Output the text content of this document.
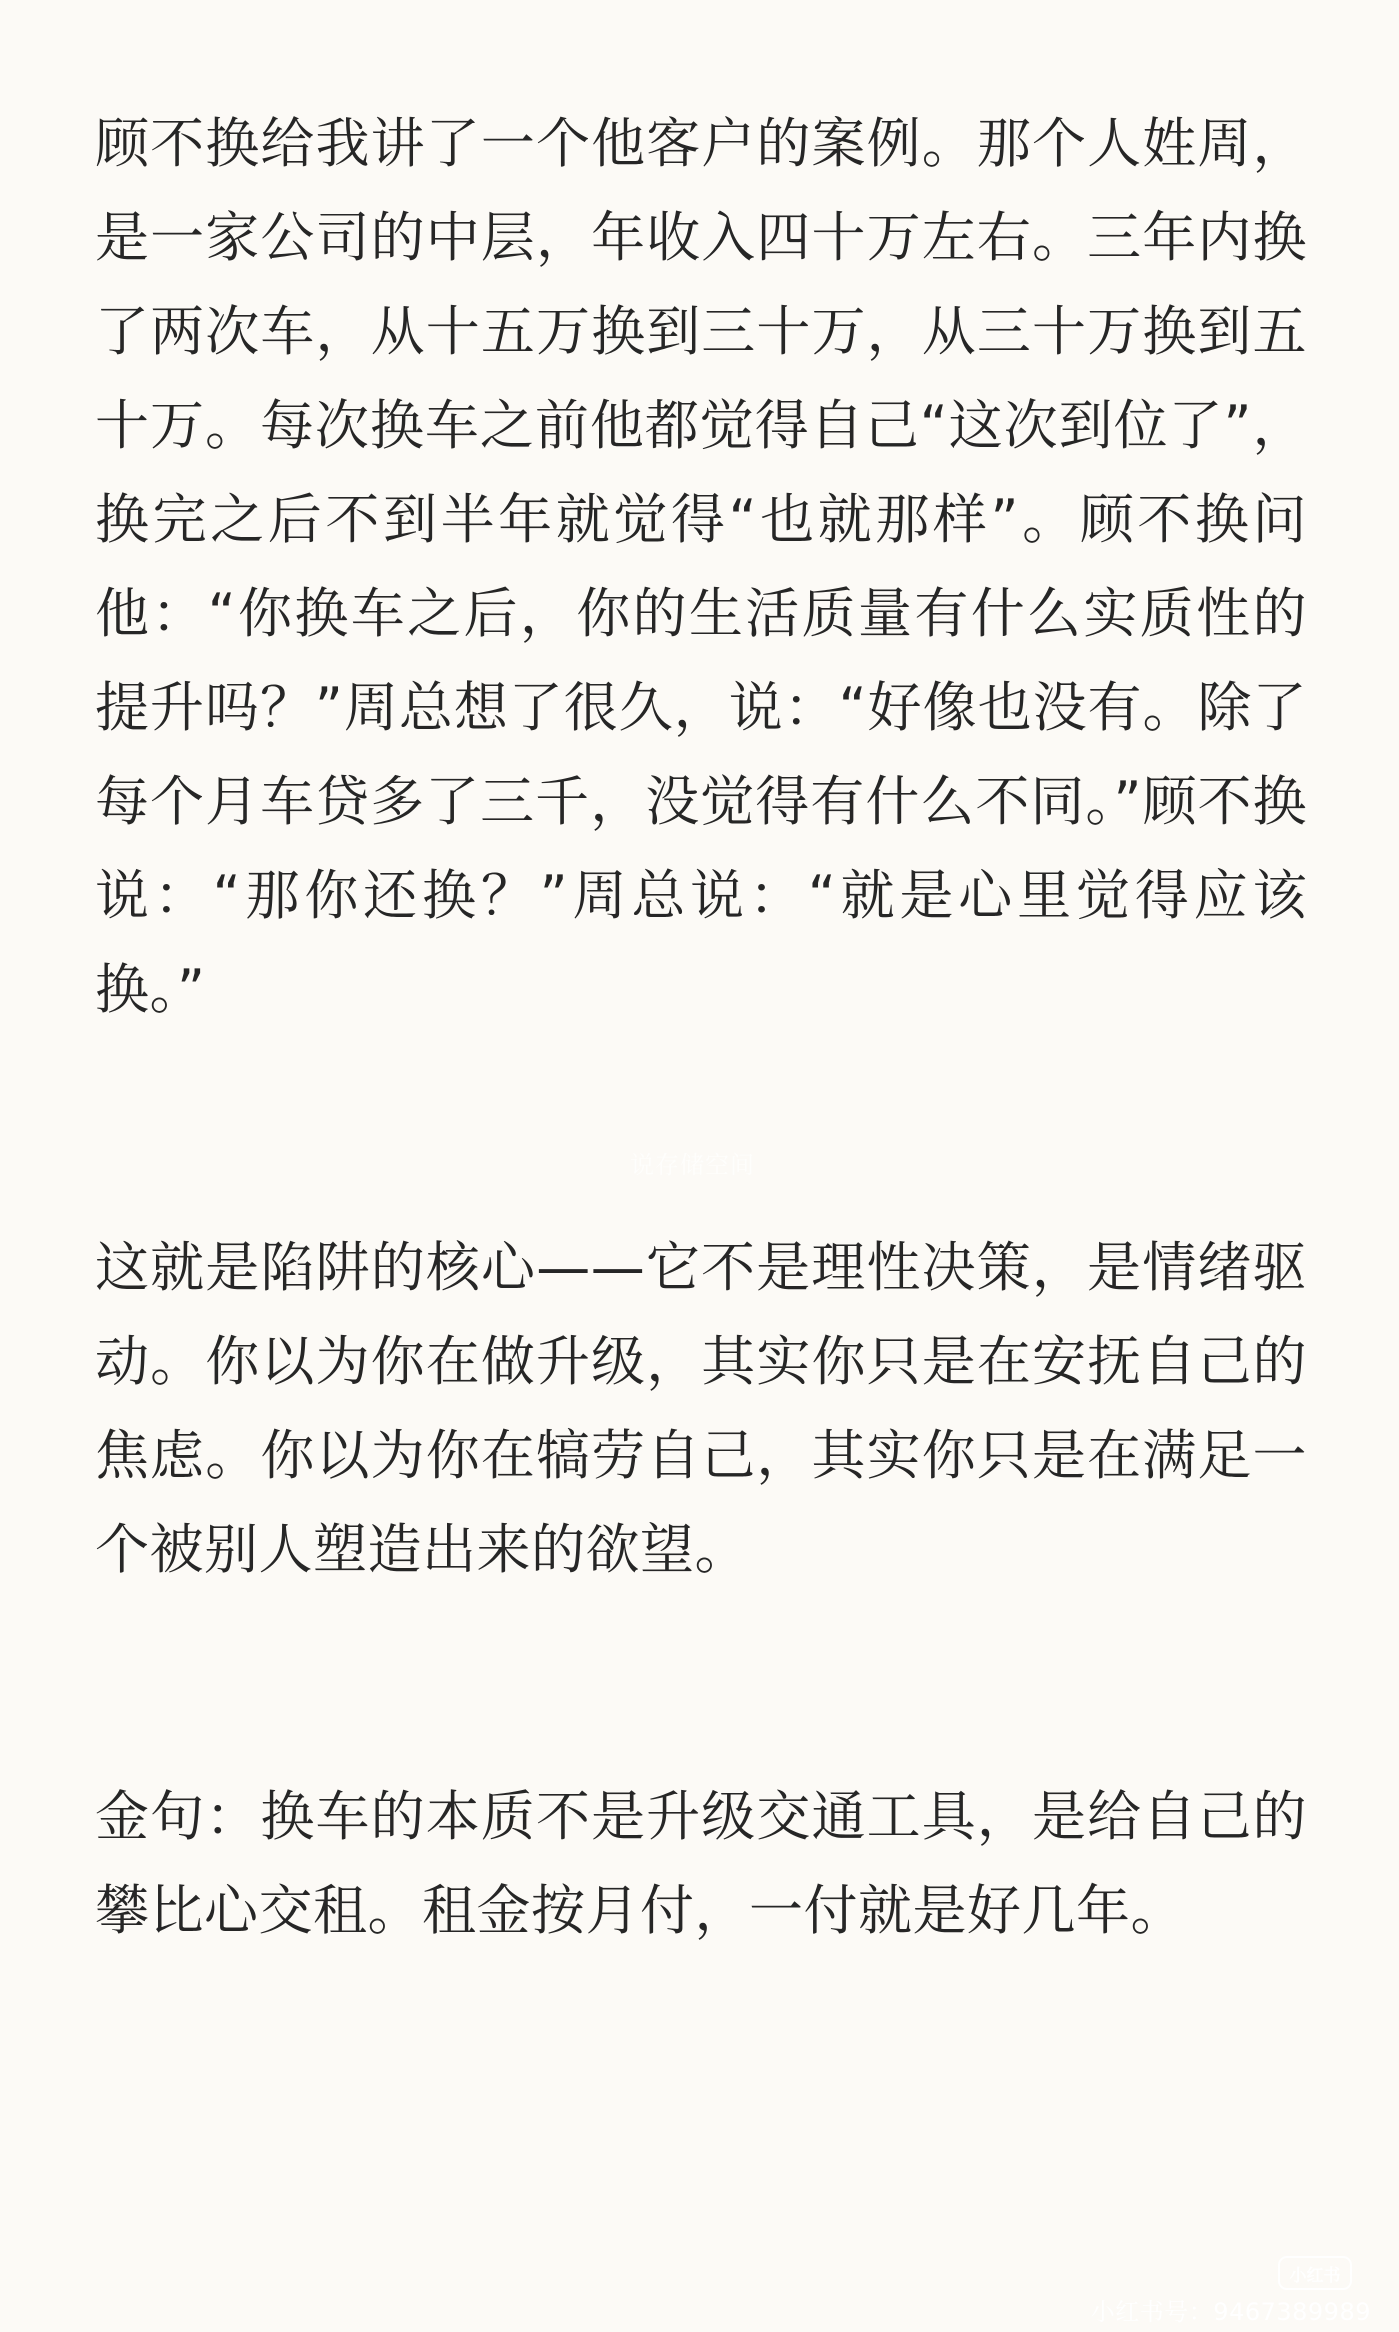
顾不换给我讲了一个他客户的案例。那个人姓周，是一家公司的中层，年收入四十万左右。三年内换了两次车，从十五万换到三十万，从三十万换到五十万。每次换车之前他都觉得自己“这次到位了”，换完之后不到半年就觉得“也就那样”。顾不换问他：“你换车之后，你的生活质量有什么实质性的提升吗？”周总想了很久，说：“好像也没有。除了每个月车贷多了三千，没觉得有什么不同。”顾不换说：“那你还换？”周总说：“就是心里觉得应该换。”

说存储空间

这就是陷阱的核心——它不是理性决策，是情绪驱动。你以为你在做升级，其实你只是在安抚自己的焦虑。你以为你在犒劳自己，其实你只是在满足一个被别人塑造出来的欲望。

金句：换车的本质不是升级交通工具，是给自己的攀比心交租。租金按月付，一付就是好几年。

小红书
小红书号：9467389989
